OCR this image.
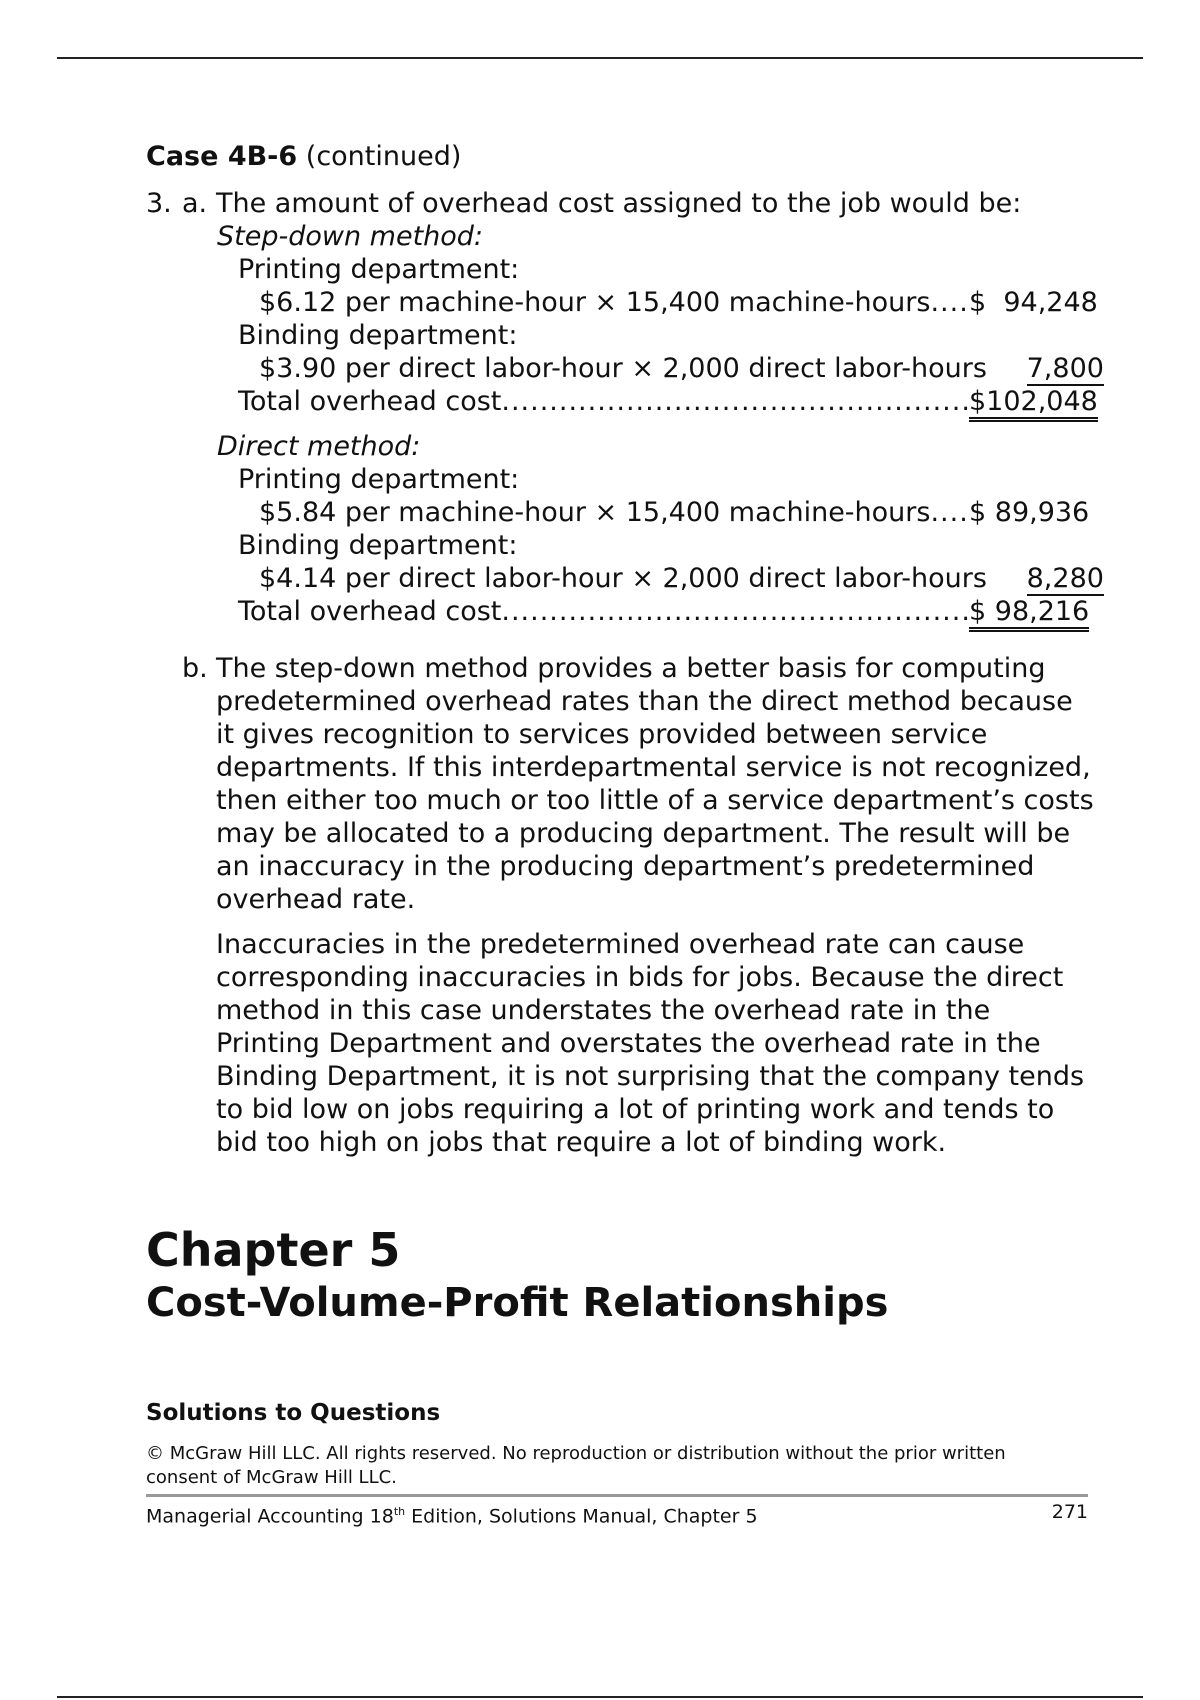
Case 4B-6 (continued)
3. a. The amount of overhead cost assigned to the job would be:
Step-down method:
Printing department:
$6.12 per machine-hour × 15,400 machine-hours ..... $  94,248
Binding department:
$3.90 per direct labor-hour × 2,000 direct labor-hours	7,800
Total overhead cost .....	$102,048
Direct method:
Printing department:
$5.84 per machine-hour × 15,400 machine-hours ..... $ 89,936
Binding department:
$4.14 per direct labor-hour × 2,000 direct labor-hours	8,280
Total overhead cost .....	$ 98,216
b. The step-down method provides a better basis for computing predetermined overhead rates than the direct method because it gives recognition to services provided between service departments. If this interdepartmental service is not recognized, then either too much or too little of a service department’s costs may be allocated to a producing department. The result will be an inaccuracy in the producing department’s predetermined overhead rate.

Inaccuracies in the predetermined overhead rate can cause corresponding inaccuracies in bids for jobs. Because the direct method in this case understates the overhead rate in the Printing Department and overstates the overhead rate in the Binding Department, it is not surprising that the company tends to bid low on jobs requiring a lot of printing work and tends to bid too high on jobs that require a lot of binding work.

Chapter 5
Cost-Volume-Profit Relationships
Solutions to Questions
© McGraw Hill LLC. All rights reserved. No reproduction or distribution without the prior written consent of McGraw Hill LLC.
Managerial Accounting 18th Edition, Solutions Manual, Chapter 5	271
